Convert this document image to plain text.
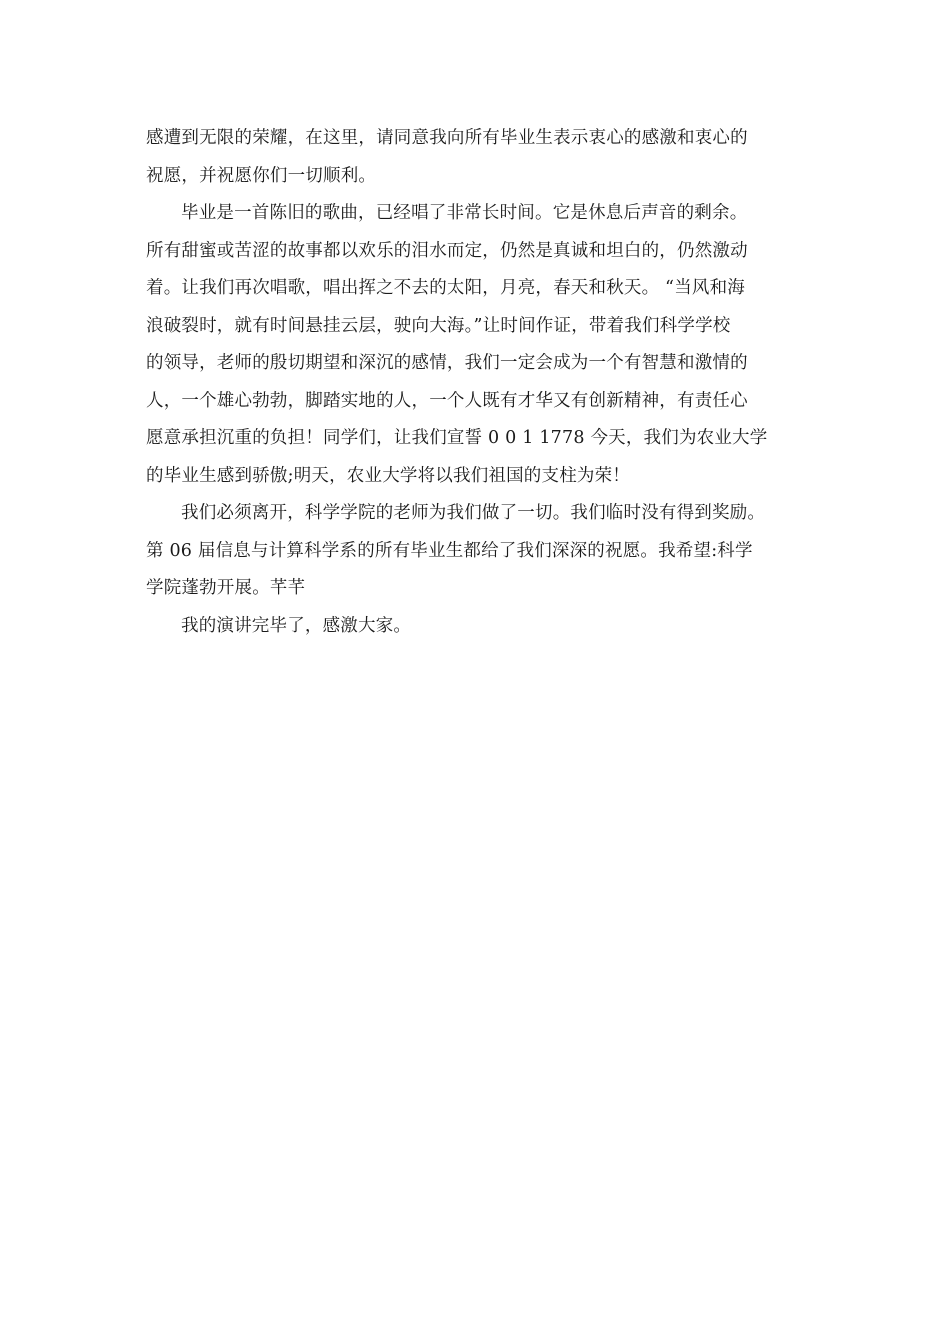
感遭到无限的荣耀，在这里，请同意我向所有毕业生表示衷心的感激和衷心的
祝愿，并祝愿你们一切顺利。
毕业是一首陈旧的歌曲，已经唱了非常长时间。它是休息后声音的剩余。
所有甜蜜或苦涩的故事都以欢乐的泪水而定，仍然是真诚和坦白的，仍然激动
着。让我们再次唱歌，唱出挥之不去的太阳，月亮，春天和秋天。 “当风和海
浪破裂时，就有时间悬挂云层，驶向大海。”让时间作证，带着我们科学学校
的领导，老师的殷切期望和深沉的感情，我们一定会成为一个有智慧和激情的
人，一个雄心勃勃，脚踏实地的人，一个人既有才华又有创新精神，有责任心
愿意承担沉重的负担！同学们，让我们宣誓 0 0 1 1778 今天，我们为农业大学
的毕业生感到骄傲;明天，农业大学将以我们祖国的支柱为荣！
我们必须离开，科学学院的老师为我们做了一切。我们临时没有得到奖励。
第 06 届信息与计算科学系的所有毕业生都给了我们深深的祝愿。我希望:科学
学院蓬勃开展。芊芊
我的演讲完毕了，感激大家。
